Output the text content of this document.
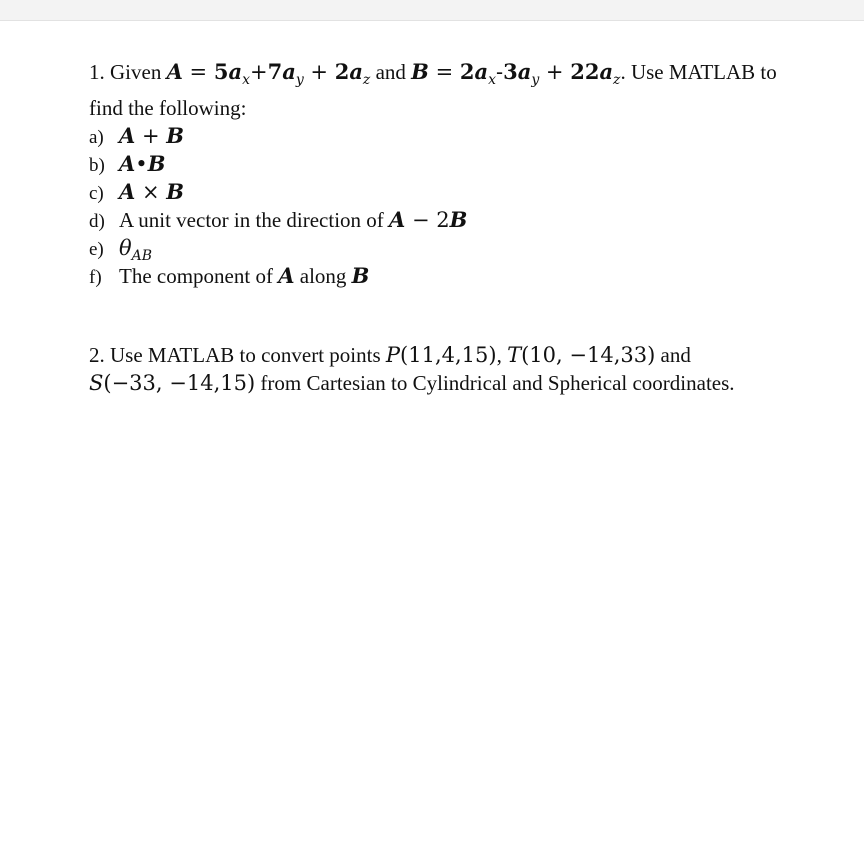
1. Given $A = 5a_x+7a_y + 2a_z$ and $B = 2a_x-3a_y + 22a_z$. Use MATLAB to
find the following:
a) A + B
b) A•B
c) A × B
d) A unit vector in the direction of A − 2B
e) $\theta_{AB}$
f) The component of A along B
2. Use MATLAB to convert points P(11,4,15), T(10, −14,33) and
S(−33, −14,15) from Cartesian to Cylindrical and Spherical coordinates.
